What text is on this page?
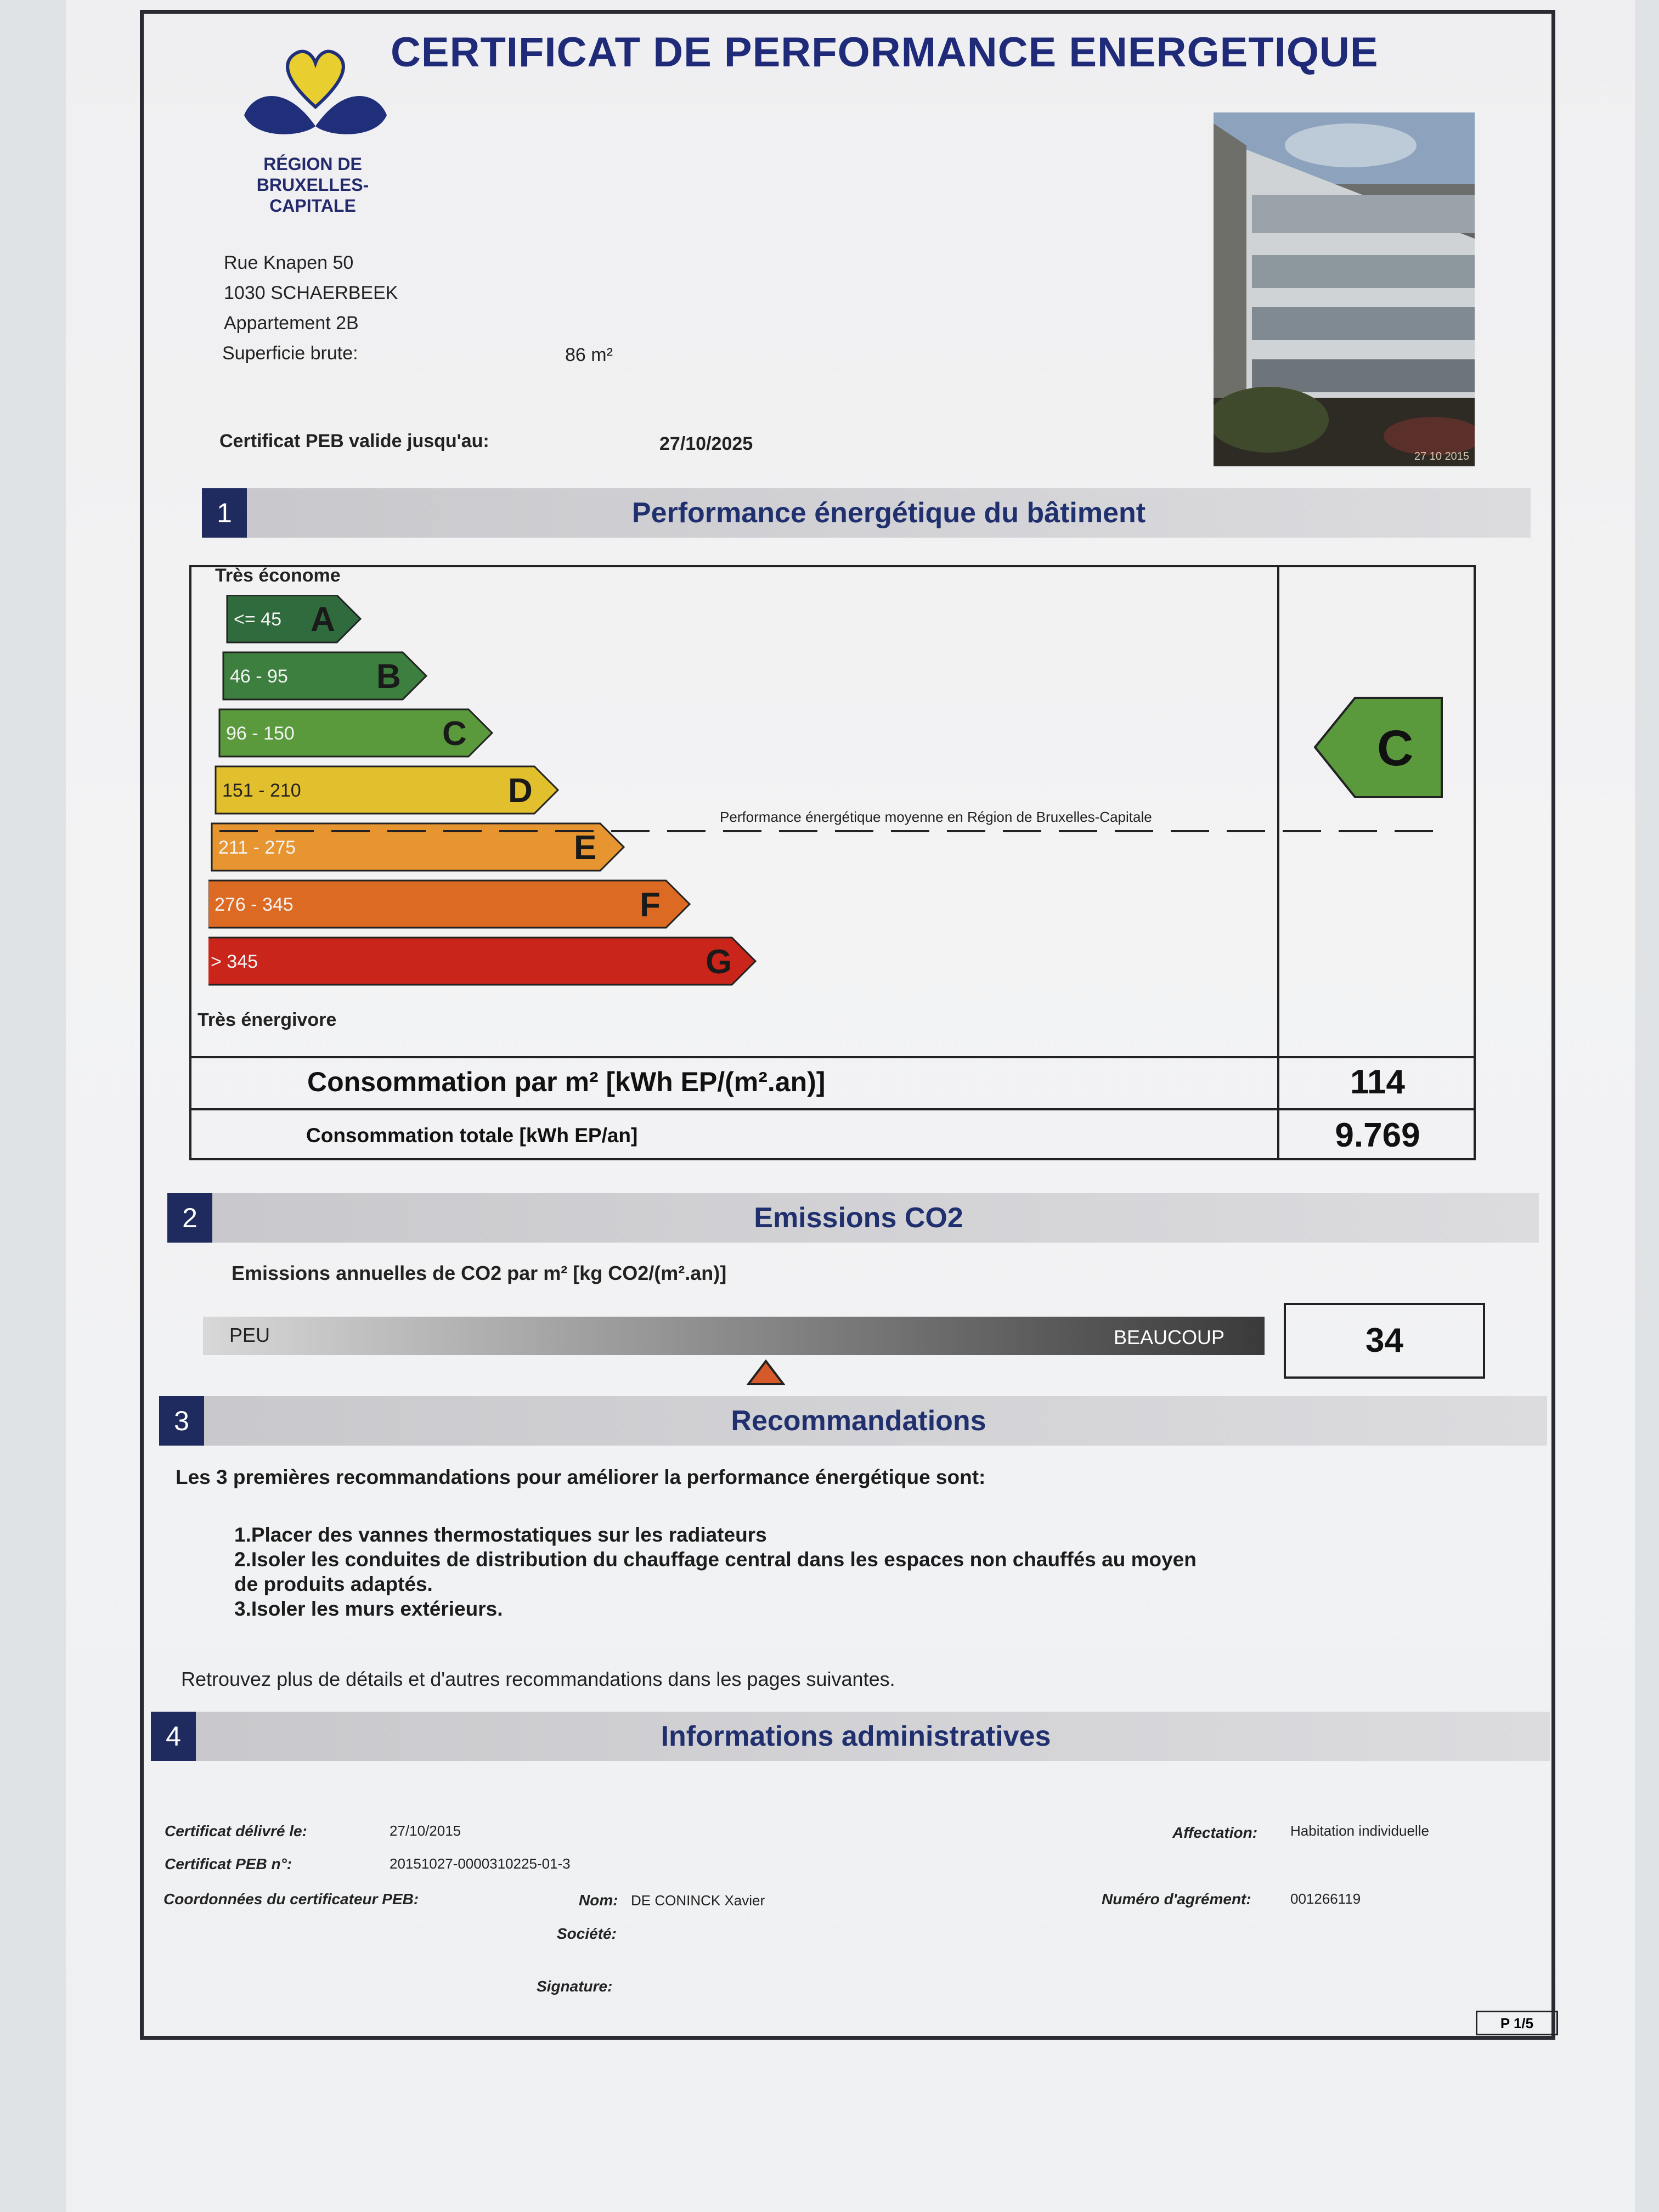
CERTIFICAT DE PERFORMANCE ENERGETIQUE
RÉGION DE
BRUXELLES-
CAPITALE
Rue Knapen 50
1030 SCHAERBEEK
Appartement 2B
Superficie brute:	86 m²
Certificat PEB valide jusqu'au:	27/10/2025
27 10 2015
1	Performance énergétique du bâtiment
Très économe
Très énergivore
<= 45 A
46 - 95	B
96 - 150	C
151 - 210	D
211 - 275	E
276 - 345	F
> 345	G
Performance énergétique moyenne en Région de Bruxelles-Capitale
C
Consommation par m² [kWh EP/(m².an)]	114
Consommation totale [kWh EP/an]	9.769
2	Emissions CO2
Emissions annuelles de CO2 par m² [kg CO2/(m².an)]
PEU	BEAUCOUP	34
3	Recommandations
Les 3 premières recommandations pour améliorer la performance énergétique sont:
1.Placer des vannes thermostatiques sur les radiateurs
2.Isoler les conduites de distribution du chauffage central dans les espaces non chauffés au moyen
de produits adaptés.
3.Isoler les murs extérieurs.
Retrouvez plus de détails et d'autres recommandations dans les pages suivantes.
4	Informations administratives
Certificat délivré le:	27/10/2015
Certificat PEB n°:	20151027-0000310225-01-3
Coordonnées du certificateur PEB:	Nom: DE CONINCK Xavier
Société:
Signature:
Affectation: Habitation individuelle
Numéro d'agrément:	001266119
P 1/5
